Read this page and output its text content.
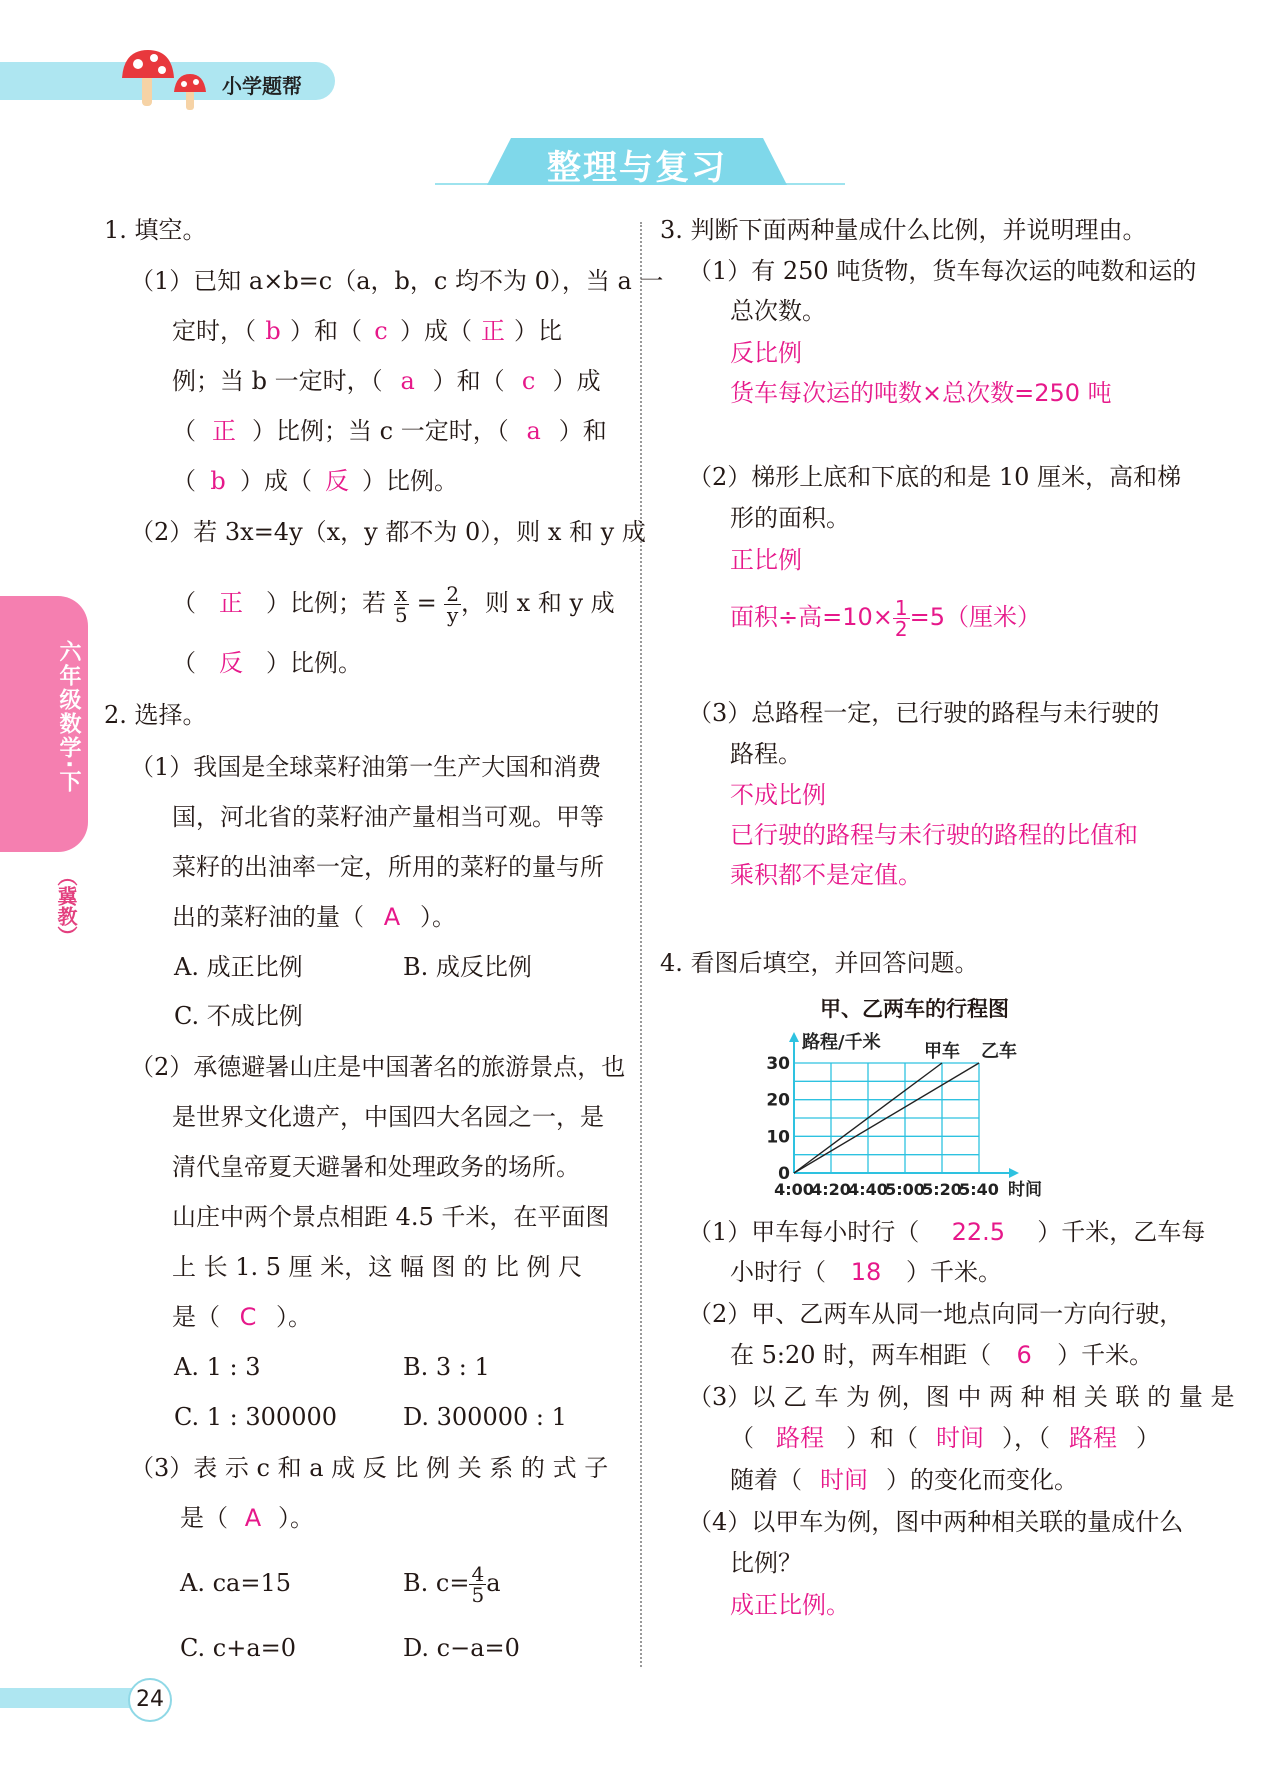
小学题帮
整理与复习
六年级数学·下
（冀教）
24
1. 填空。
（1）已知 a×b=c（a，b，c 均不为 0），当 a 一
定时，（ b ）和（ c ）成（ 正 ）比
例；当 b 一定时，（ a ）和（ c ）成
（ 正 ）比例；当 c 一定时，（ a ）和
（ b ）成（ 反 ）比例。
（2）若 3x=4y（x，y 都不为 0），则 x 和 y 成
（ 正 ）比例；若 $\frac{x}{5} = \frac{2}{y}$ ，则 x 和 y 成
（ 反 ）比例。
2. 选择。
（1）我国是全球菜籽油第一生产大国和消费
国，河北省的菜籽油产量相当可观。甲等
菜籽的出油率一定，所用的菜籽的量与所
出的菜籽油的量（ A ）。
A. 成正比例	B. 成反比例
C. 不成比例
（2）承德避暑山庄是中国著名的旅游景点，也
是世界文化遗产，中国四大名园之一，是
清代皇帝夏天避暑和处理政务的场所。
山庄中两个景点相距 4.5 千米，在平面图
上 长 1. 5 厘 米，这 幅 图 的 比 例 尺
是（ C ）。
A. 1 : 3	B. 3 : 1
C. 1 : 300000	D. 300000 : 1
（3）表 示 c 和 a 成 反 比 例 关 系 的 式 子
是（ A ）。
A. ca=15	B. $c= \frac{4}{5}$ a
C. c+a=0	D. c−a=0
3. 判断下面两种量成什么比例，并说明理由。
（1）有 250 吨货物，货车每次运的吨数和运的
总次数。
反比例
货车每次运的吨数×总次数=250 吨
（2）梯形上底和下底的和是 10 厘米，高和梯
形的面积。
正比例
面积÷高$=10\times \frac{1}{2} =5$（厘米）
（3）总路程一定，已行驶的路程与未行驶的
路程。
不成比例
已行驶的路程与未行驶的路程的比值和
乘积都不是定值。
4. 看图后填空，并回答问题。
甲、乙两车的行程图
甲车 乙车
0
10
20
30
4:00
4:20
4:40
5:00
5:20
5:40 时间
路程/千米
（1）甲车每小时行（ 22.5 ）千米，乙车每
小时行（ 18 ）千米。
（2）甲、乙两车从同一地点向同一方向行驶，
在 5:20 时，两车相距（ 6 ）千米。
（3）以 乙 车 为 例，图 中 两 种 相 关 联 的 量 是
（ 路程 ）和（ 时间 ），（ 路程 ）
随着（ 时间 ）的变化而变化。
（4）以甲车为例，图中两种相关联的量成什么
比例？
成正比例。
